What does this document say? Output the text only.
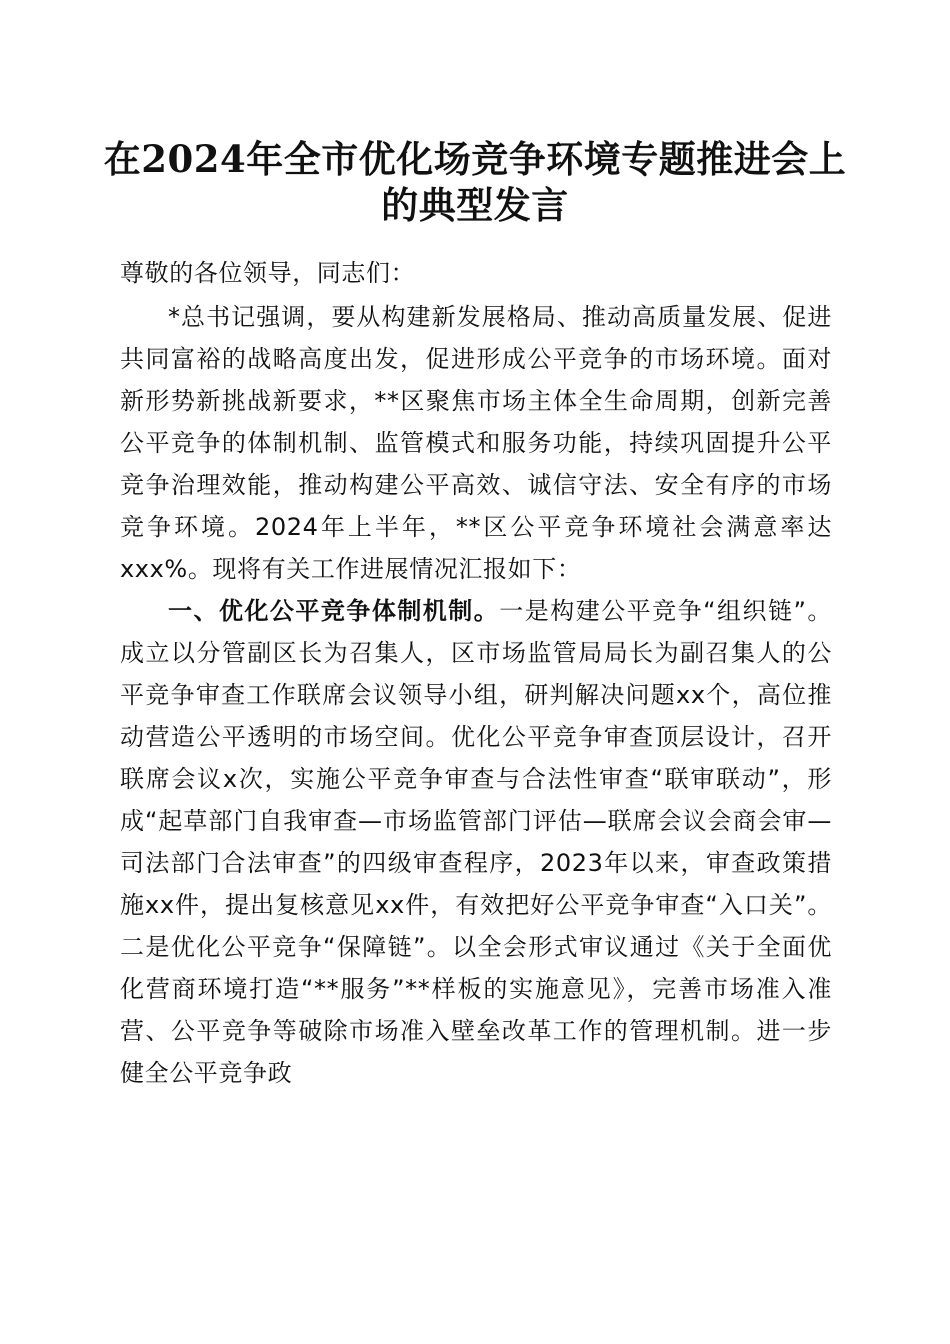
在2024年全市优化场竞争环境专题推进会上
的典型发言

尊敬的各位领导，同志们：

*总书记强调，要从构建新发展格局、推动高质量发展、促进共同富裕的战略高度出发，促进形成公平竞争的市场环境。面对新形势新挑战新要求，**区聚焦市场主体全生命周期，创新完善公平竞争的体制机制、监管模式和服务功能，持续巩固提升公平竞争治理效能，推动构建公平高效、诚信守法、安全有序的市场竞争环境。2024年上半年，**区公平竞争环境社会满意率达xxx%。现将有关工作进展情况汇报如下：

一、优化公平竞争体制机制。一是构建公平竞争“组织链”。成立以分管副区长为召集人，区市场监管局局长为副召集人的公平竞争审查工作联席会议领导小组，研判解决问题xx个，高位推动营造公平透明的市场空间。优化公平竞争审查顶层设计，召开联席会议x次，实施公平竞争审查与合法性审查“联审联动”，形成“起草部门自我审查—市场监管部门评估—联席会议会商会审—司法部门合法审查”的四级审查程序，2023年以来，审查政策措施xx件，提出复核意见xx件，有效把好公平竞争审查“入口关”。二是优化公平竞争“保障链”。以全会形式审议通过《关于全面优化营商环境打造“**服务”**样板的实施意见》，完善市场准入准营、公平竞争等破除市场准入壁垒改革工作的管理机制。进一步健全公平竞争政
